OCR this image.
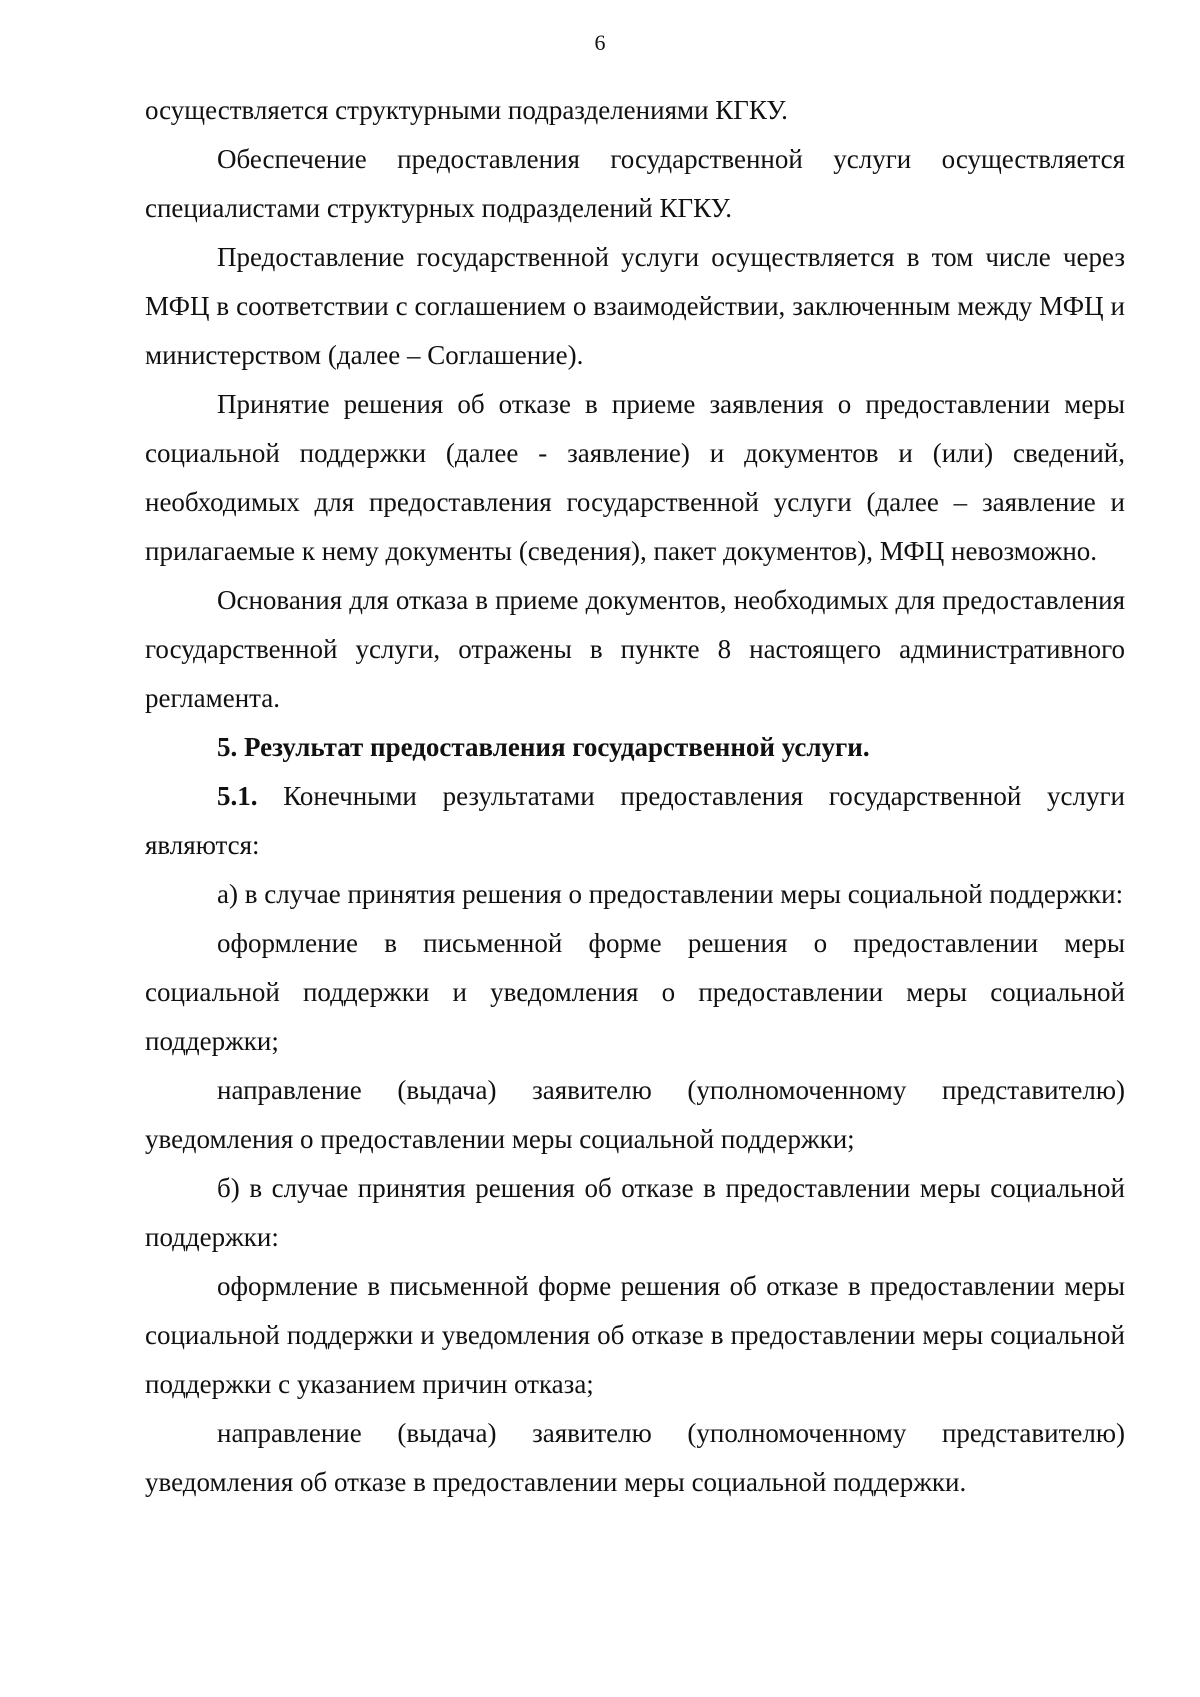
6

осуществляется структурными подразделениями КГКУ.

Обеспечение предоставления государственной услуги осуществляется специалистами структурных подразделений КГКУ.

Предоставление государственной услуги осуществляется в том числе через МФЦ в соответствии с соглашением о взаимодействии, заключенным между МФЦ и министерством (далее – Соглашение).

Принятие решения об отказе в приеме заявления о предоставлении меры социальной поддержки (далее - заявление) и документов и (или) сведений, необходимых для предоставления государственной услуги (далее – заявление и прилагаемые к нему документы (сведения), пакет документов), МФЦ невозможно.

Основания для отказа в приеме документов, необходимых для предоставления государственной услуги, отражены в пункте 8 настоящего административного регламента.

5. Результат предоставления государственной услуги.

5.1. Конечными результатами предоставления государственной услуги являются:

а) в случае принятия решения о предоставлении меры социальной поддержки:

оформление в письменной форме решения о предоставлении меры социальной поддержки и уведомления о предоставлении меры социальной поддержки;

направление (выдача) заявителю (уполномоченному представителю) уведомления о предоставлении меры социальной поддержки;

б) в случае принятия решения об отказе в предоставлении меры социальной поддержки:

оформление в письменной форме решения об отказе в предоставлении меры социальной поддержки и уведомления об отказе в предоставлении меры социальной поддержки с указанием причин отказа;

направление (выдача) заявителю (уполномоченному представителю) уведомления об отказе в предоставлении меры социальной поддержки.
